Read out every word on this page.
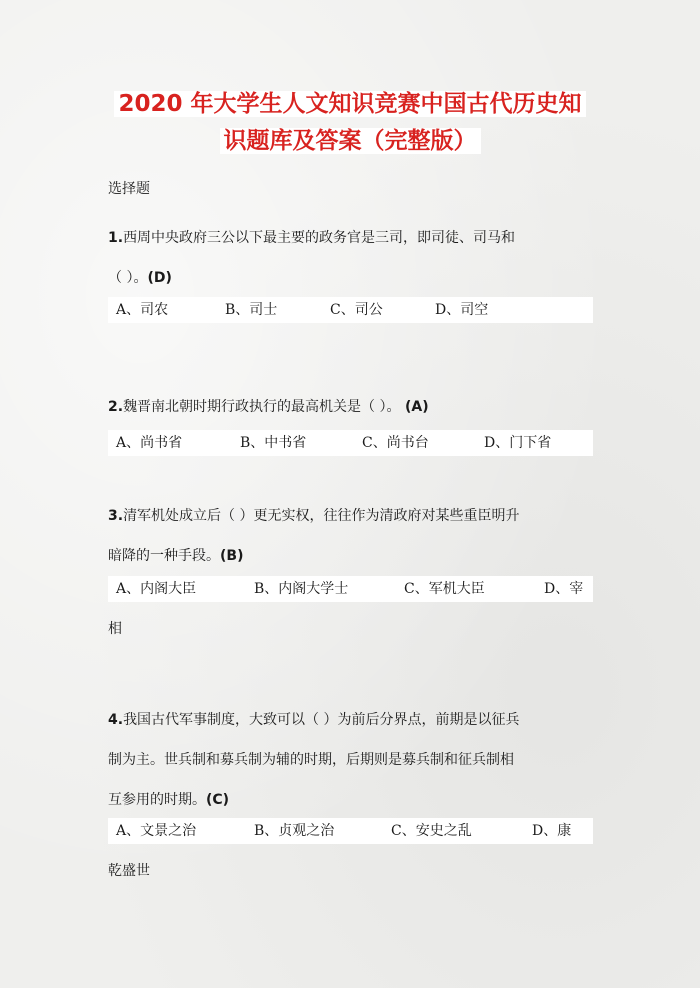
2020 年大学生人文知识竞赛中国古代历史知
识题库及答案（完整版）
选择题
1.西周中央政府三公以下最主要的政务官是三司，即司徒、司马和
（ ）。(D)
A、司农	B、司士	C、司公	D、司空
2.魏晋南北朝时期行政执行的最高机关是（ ）。 (A)
A、尚书省	B、中书省	C、尚书台	D、门下省
3.清军机处成立后（ ）更无实权，往往作为清政府对某些重臣明升
暗降的一种手段。(B)
A、内阁大臣	B、内阁大学士	C、军机大臣	D、宰
相
4.我国古代军事制度，大致可以（ ）为前后分界点，前期是以征兵
制为主。世兵制和募兵制为辅的时期，后期则是募兵制和征兵制相
互参用的时期。(C)
A、文景之治	B、贞观之治	C、安史之乱	D、康
乾盛世
